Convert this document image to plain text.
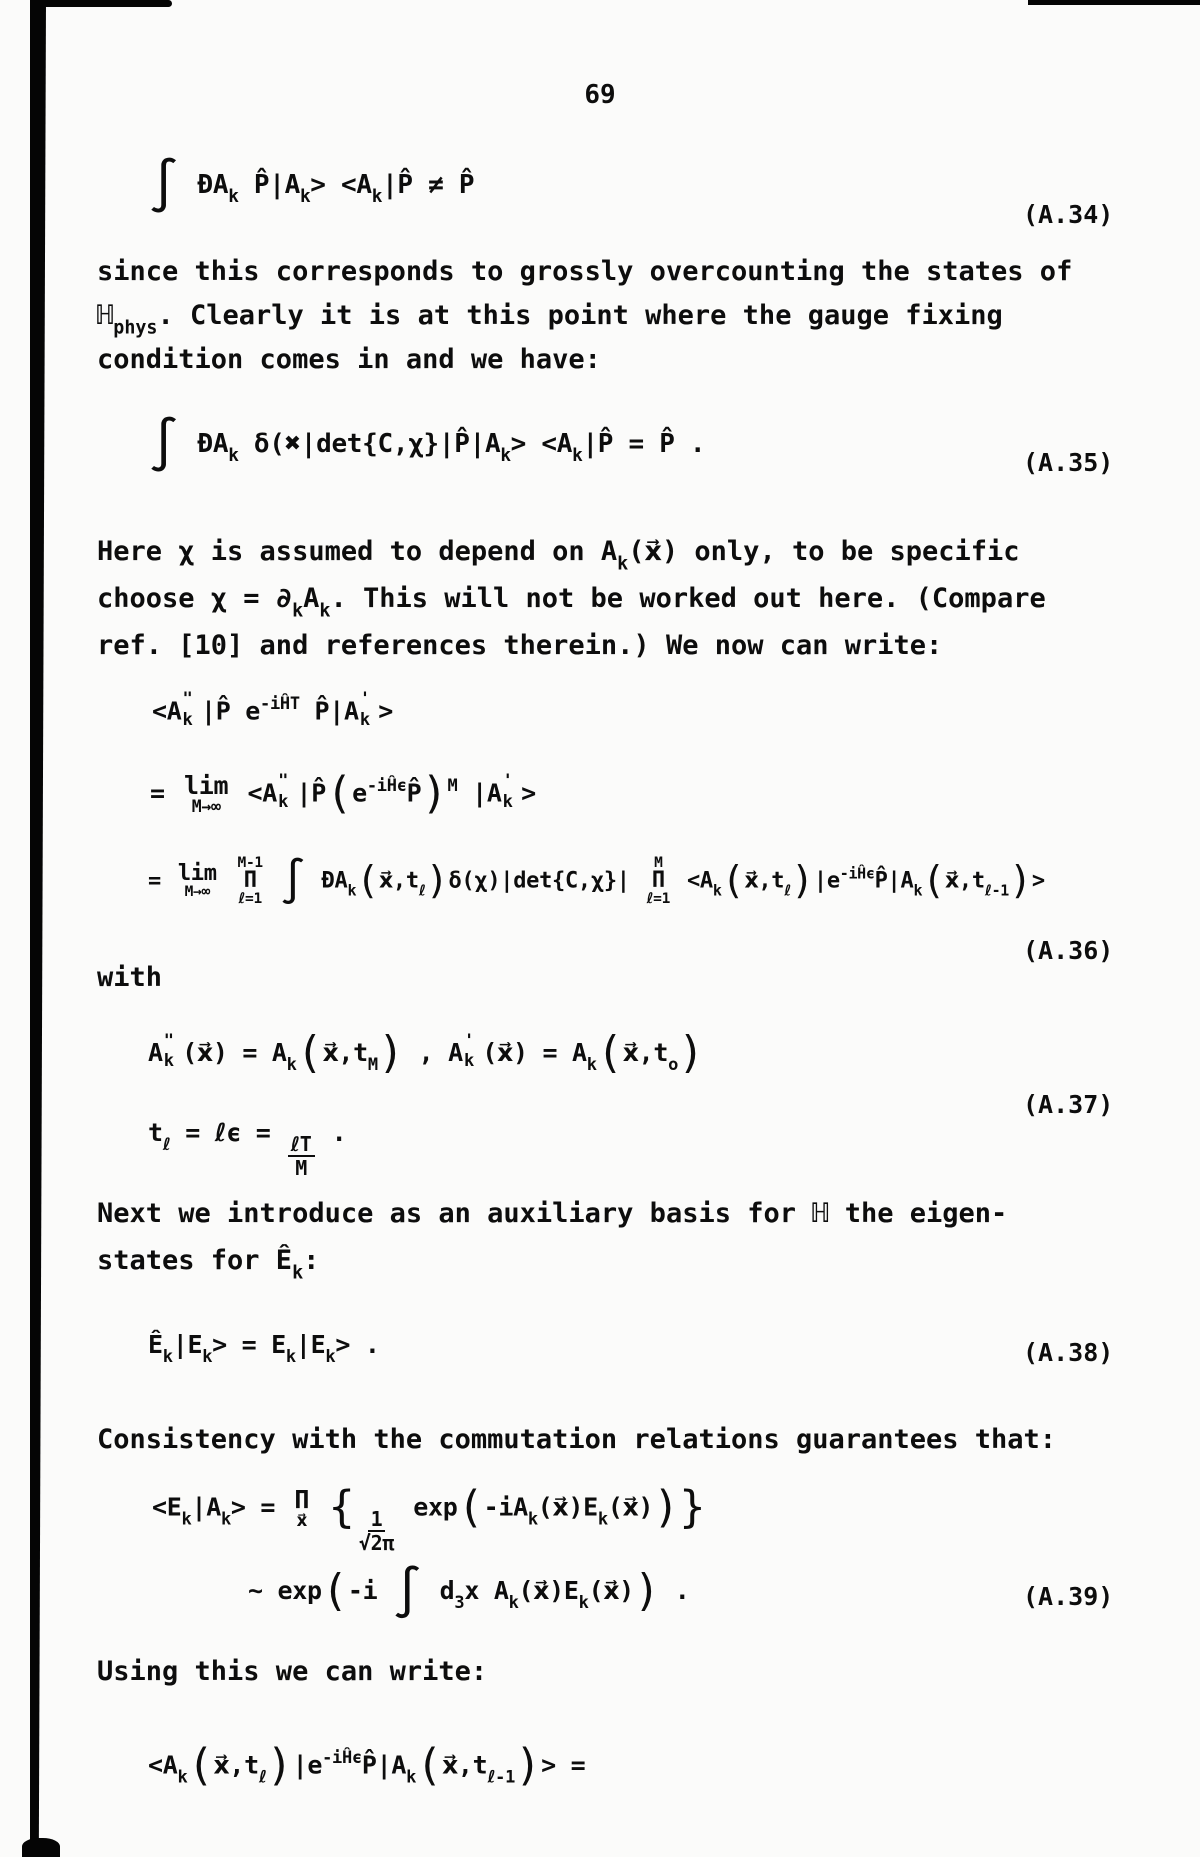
69
∫ $ĐA_k$ $P̂|A_k>$ $<A_k|P̂$ ≠ P̂
(A.34)
since this corresponds to grossly overcounting the states of
ℍ$_{phys}$. Clearly it is at this point where the gauge fixing
condition comes in and we have:
∫ $ĐA_k$ $\delta(✖|\det\{C,\chi\}|P̂|A_k>$ $<A_k|P̂$ = P̂ .
(A.35)
Here χ is assumed to depend on $A_k(x⃗)$ only, to be specific
choose $\chi = \partial_kA_k$. This will not be worked out here. (Compare
ref. [10] and references therein.) We now can write:
<A "
k |P̂ $e^{-iĤT}$ P̂|A '
k >
= lim
M→∞ <A "
k $|P̂(e^{-iĤ\epsilon}P̂)^M$ |A '
k >
= lim
M→∞

M-1
Π
ℓ=1 ∫ $ĐA_k(x⃗,t_\ell)\delta(\chi)|\det\{C,\chi\}|$
M
Π
ℓ=1
$<A_k(x⃗,t_\ell)|e^{-iĤ\epsilon}P̂|A_k(x⃗,t_{\ell-1})>$
(A.36)
with
A "
k (x⃗) = $A_k(x⃗,t_M)$ , A '
k (x⃗) = $A_k(x⃗,t_o)$
(A.37)
$t_\ell$ = ℓϵ =
$\frac{\text{ℓT}}{M}$
.
Next we introduce as an auxiliary basis for ℍ the eigen-
states for $Ê_k$:
$Ê_k|E_k> = E_k|E_k>$ .	(A.38)
Consistency with the commutation relations guarantees that:
$<E_k|A_k> = \Pi$
x⃗ { $\frac{1}{√2\pi}$
$\exp(-iA_k(x⃗)E_k(x⃗))$}
∼ exp(-i ∫ $d_3x$ $A_k(x⃗)E_k(x⃗)$) .	(A.39)
Using this we can write:
$<A_k(x⃗,t_\ell)|e^{-iĤ\epsilon}P̂|A_k(x⃗,t_{\ell-1})>$ =
